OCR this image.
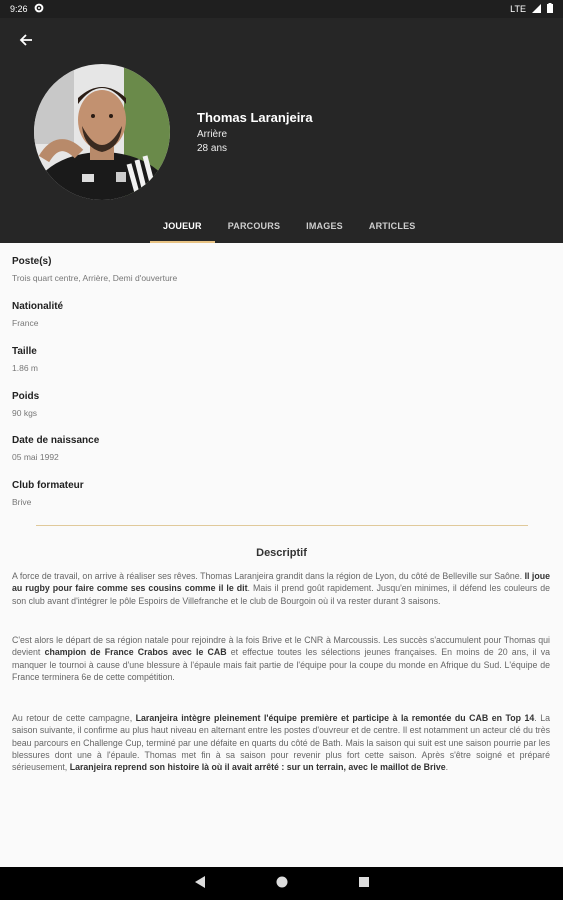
9:26	LTE
Thomas Laranjeira
Arrière
28 ans
JOUEUR	PARCOURS	IMAGES	ARTICLES
Poste(s)
Trois quart centre, Arrière, Demi d'ouverture
Nationalité
France
Taille
1.86 m
Poids
90 kgs
Date de naissance
05 mai 1992
Club formateur
Brive
Descriptif
A force de travail, on arrive à réaliser ses rêves. Thomas Laranjeira grandit dans la région de Lyon, du côté de Belleville sur Saône. Il joue au rugby pour faire comme ses cousins comme il le dit. Mais il prend goût rapidement. Jusqu'en minimes, il défend les couleurs de son club avant d'intégrer le pôle Espoirs de Villefranche et le club de Bourgoin où il va rester durant 3 saisons.
C'est alors le départ de sa région natale pour rejoindre à la fois Brive et le CNR à Marcoussis. Les succès s'accumulent pour Thomas qui devient champion de France Crabos avec le CAB et effectue toutes les sélections jeunes françaises. En moins de 20 ans, il va manquer le tournoi à cause d'une blessure à l'épaule mais fait partie de l'équipe pour la coupe du monde en Afrique du Sud. L'équipe de France terminera 6e de cette compétition.
Au retour de cette campagne, Laranjeira intègre pleinement l'équipe première et participe à la remontée du CAB en Top 14. La saison suivante, il confirme au plus haut niveau en alternant entre les postes d'ouvreur et de centre. Il est notamment un acteur clé du très beau parcours en Challenge Cup, terminé par une défaite en quarts du côté de Bath. Mais la saison qui suit est une saison pourrie par les blessures dont une à l'épaule. Thomas met fin à sa saison pour revenir plus fort cette saison. Après s'être soigné et préparé sérieusement, Laranjeira reprend son histoire là où il avait arrêté : sur un terrain, avec le maillot de Brive.
